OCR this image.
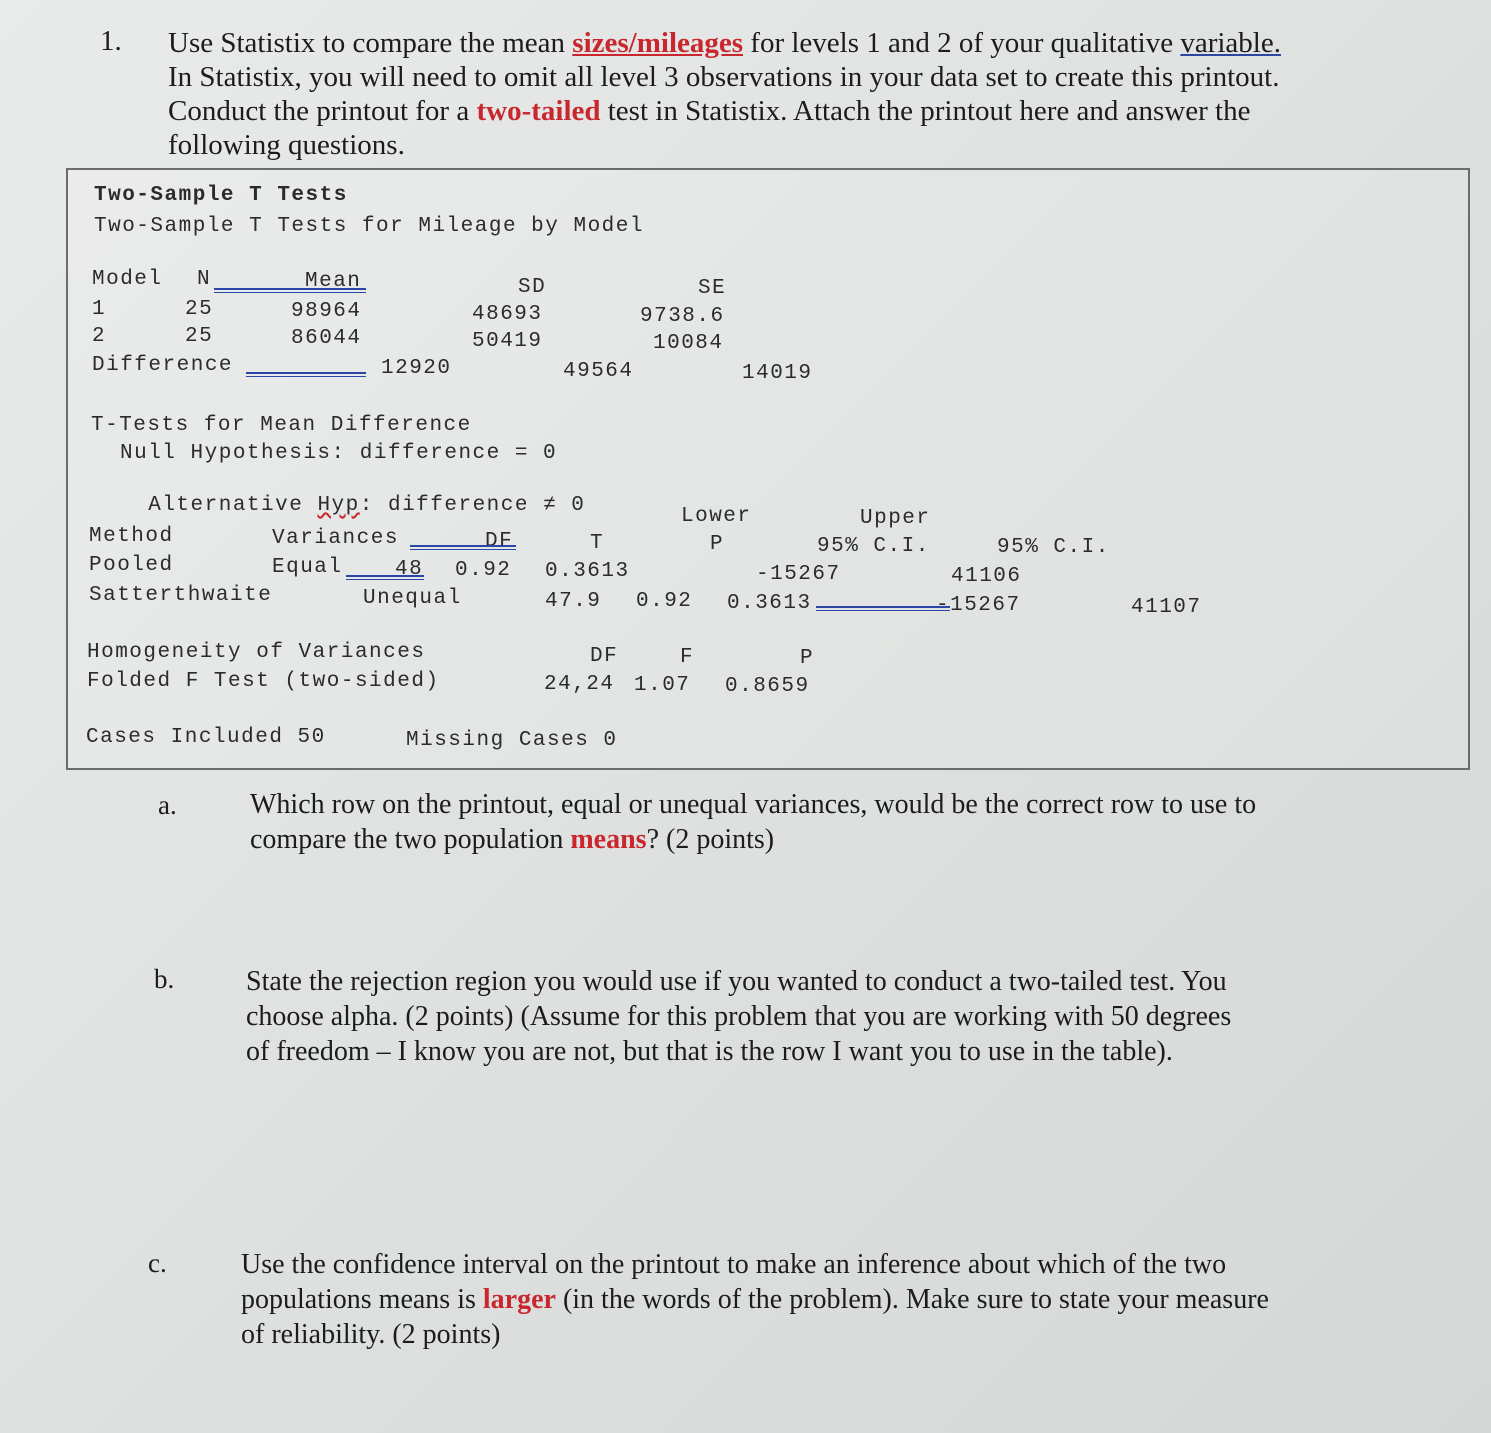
1. Use Statistix to compare the mean sizes/mileages for levels 1 and 2 of your qualitative variable.
In Statistix, you will need to omit all level 3 observations in your data set to create this printout.
Conduct the printout for a two-tailed test in Statistix. Attach the printout here and answer the
following questions.
Two-Sample T Tests
Two-Sample T Tests for Mileage by Model
Model N	Mean	SD	SE
1	25	98964	48693	9738.6
2	25	86044	50419	10084
Difference	12920	49564	14019
T-Tests for Mean Difference
Null Hypothesis: difference = 0

Alternative Hyp: difference ≠ 0	Lower	Upper
Method	Variances	DF	T	P	95% C.I.	95% C.I.
Pooled	Equal 48 0.92 0.3613	-15267	41106
Satterthwaite	Unequal	47.9 0.92 0.3613	-15267	41107
Homogeneity of Variances	DF	F	P
Folded F Test (two-sided)	24,24 1.07 0.8659
Cases Included 50	Missing Cases 0
a.	Which row on the printout, equal or unequal variances, would be the correct row to use to
compare the two population means? (2 points)
b.	State the rejection region you would use if you wanted to conduct a two-tailed test. You
choose alpha. (2 points) (Assume for this problem that you are working with 50 degrees
of freedom – I know you are not, but that is the row I want you to use in the table).
c.	Use the confidence interval on the printout to make an inference about which of the two
populations means is larger (in the words of the problem). Make sure to state your measure
of reliability. (2 points)
